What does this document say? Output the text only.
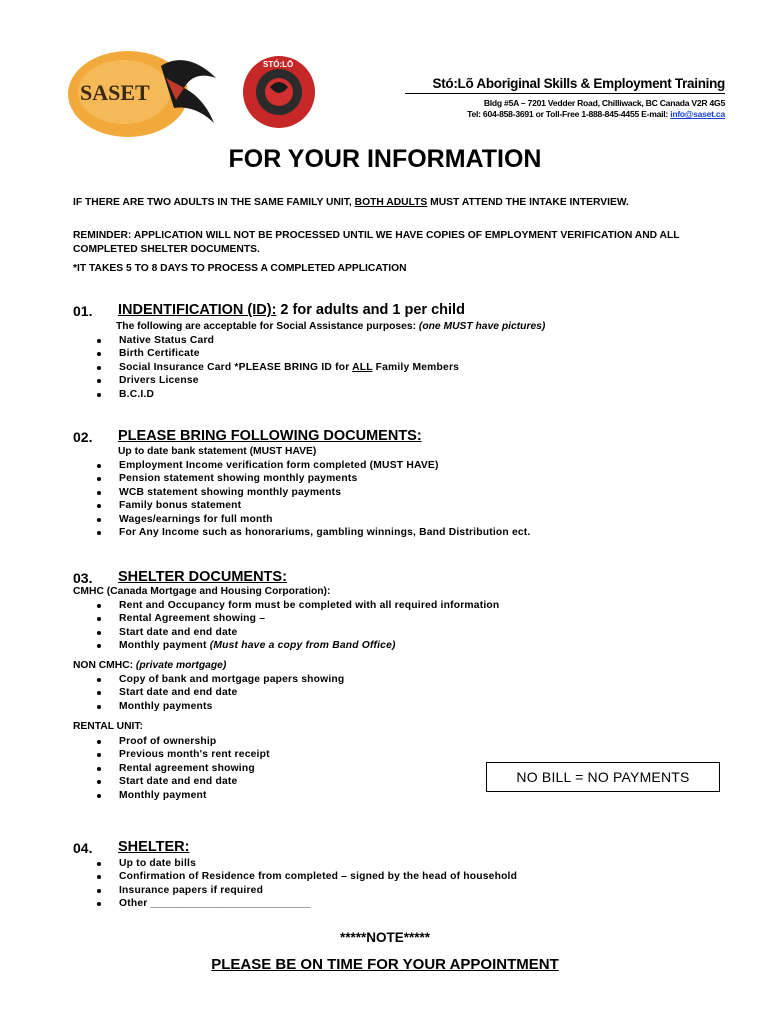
SASET
STÓ:LŌ
Stó:Lõ Aboriginal Skills & Employment Training
Bldg #5A – 7201 Vedder Road, Chilliwack, BC Canada V2R 4G5
Tel: 604-858-3691 or Toll-Free 1-888-845-4455 E-mail: info@saset.ca
FOR YOUR INFORMATION
IF THERE ARE TWO ADULTS IN THE SAME FAMILY UNIT, BOTH ADULTS MUST ATTEND THE INTAKE INTERVIEW.
REMINDER: APPLICATION WILL NOT BE PROCESSED UNTIL WE HAVE COPIES OF EMPLOYMENT VERIFICATION AND ALL COMPLETED SHELTER DOCUMENTS.
*IT TAKES 5 TO 8 DAYS TO PROCESS A COMPLETED APPLICATION
01. INDENTIFICATION (ID): 2 for adults and 1 per child
The following are acceptable for Social Assistance purposes: (one MUST have pictures)
Native Status Card
Birth Certificate
Social Insurance Card *PLEASE BRING ID for ALL Family Members
Drivers License
B.C.I.D
02. PLEASE BRING FOLLOWING DOCUMENTS:
Up to date bank statement (MUST HAVE)
Employment Income verification form completed (MUST HAVE)
Pension statement showing monthly payments
WCB statement showing monthly payments
Family bonus statement
Wages/earnings for full month
For Any Income such as honorariums, gambling winnings, Band Distribution ect.
03. SHELTER DOCUMENTS:
CMHC (Canada Mortgage and Housing Corporation):
Rent and Occupancy form must be completed with all required information
Rental Agreement showing –
Start date and end date
Monthly payment (Must have a copy from Band Office)
NON CMHC: (private mortgage)
Copy of bank and mortgage papers showing
Start date and end date
Monthly payments
RENTAL UNIT:
Proof of ownership
Previous month's rent receipt
Rental agreement showing
Start date and end date
Monthly payment
NO BILL = NO PAYMENTS
04. SHELTER:
Up to date bills
Confirmation of Residence from completed – signed by the head of household
Insurance papers if required
Other ___________________________
*****NOTE*****
PLEASE BE ON TIME FOR YOUR APPOINTMENT
